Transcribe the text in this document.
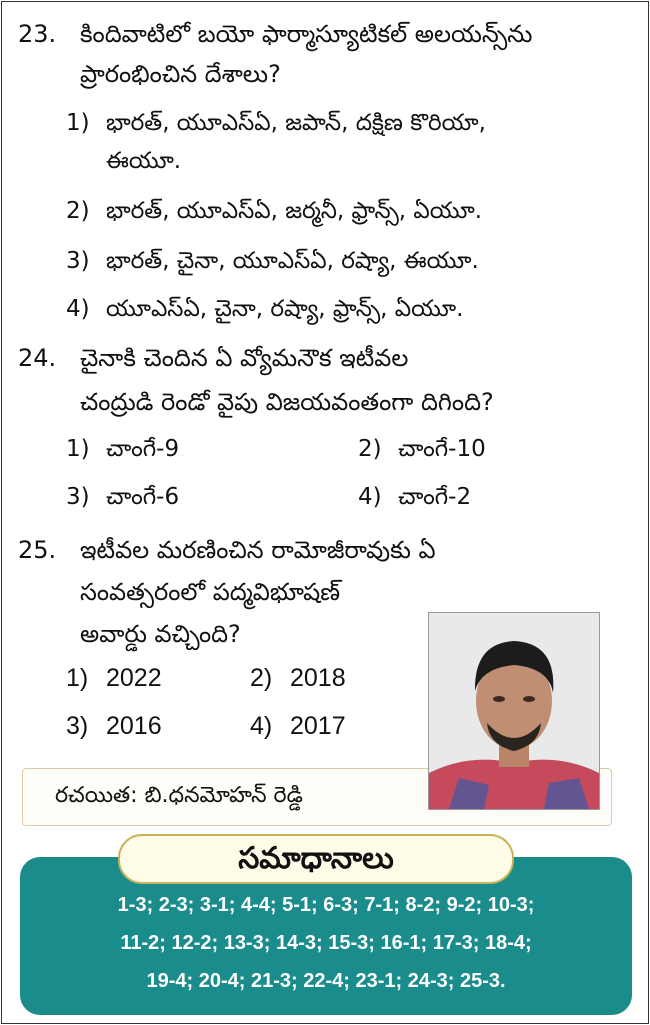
23. కిందివాటిలో బయో ఫార్మాస్యూటికల్ అలయన్స్‌ను
ప్రారంభించిన దేశాలు?
1) భారత్, యూఎస్ఏ, జపాన్, దక్షిణ కొరియా,
ఈయూ.
2) భారత్, యూఎస్ఏ, జర్మనీ, ఫ్రాన్స్, ఏయూ.
3) భారత్, చైనా, యూఎస్ఏ, రష్యా, ఈయూ.
4) యూఎస్ఏ, చైనా, రష్యా, ఫ్రాన్స్, ఏయూ.
24. చైనాకి చెందిన ఏ వ్యోమనౌక ఇటీవల
చంద్రుడి రెండో వైపు విజయవంతంగా దిగింది?
1) చాంగే-9	2) చాంగే-10
3) చాంగే-6	4) చాంగే-2
25. ఇటీవల మరణించిన రామోజీరావుకు ఏ
సంవత్సరంలో పద్మవిభూషణ్
అవార్డు వచ్చింది?
1) 2022	2) 2018
3) 2016	4) 2017
రచయిత: బి.ధనమోహన్ రెడ్డి
సమాధానాలు
1-3; 2-3; 3-1; 4-4; 5-1; 6-3; 7-1; 8-2; 9-2; 10-3;
11-2; 12-2; 13-3; 14-3; 15-3; 16-1; 17-3; 18-4;
19-4; 20-4; 21-3; 22-4; 23-1; 24-3; 25-3.
